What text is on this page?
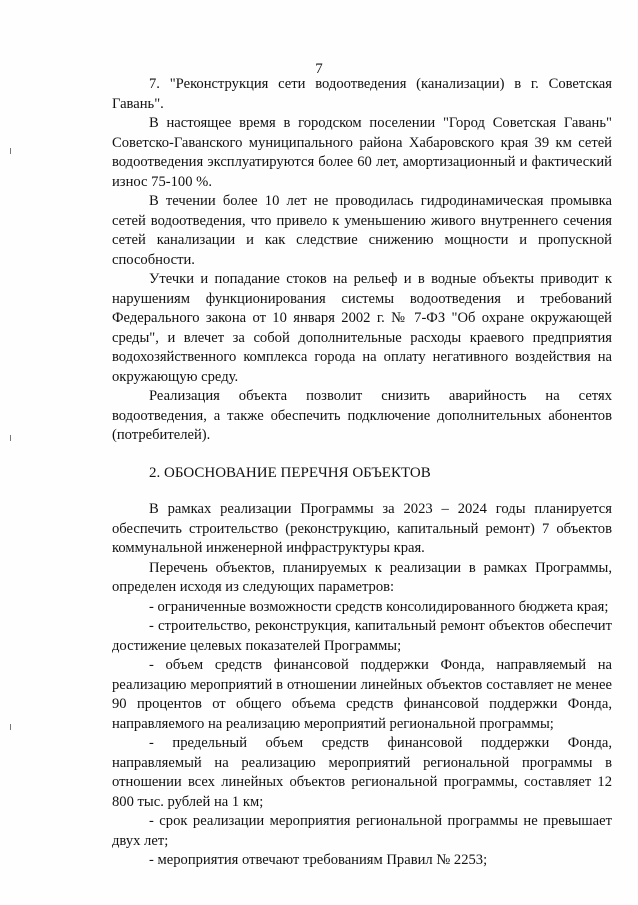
7

7. "Реконструкция сети водоотведения (канализации) в г. Советская Гавань".

В настоящее время в городском поселении "Город Советская Гавань" Советско-Гаванского муниципального района Хабаровского края 39 км сетей водоотведения эксплуатируются более 60 лет, амортизационный и фактический износ 75-100 %.

В течении более 10 лет не проводилась гидродинамическая промывка сетей водоотведения, что привело к уменьшению живого внутреннего сечения сетей канализации и как следствие снижению мощности и пропускной способности.

Утечки и попадание стоков на рельеф и в водные объекты приводит к нарушениям функционирования системы водоотведения и требований Федерального закона от 10 января 2002 г. № 7-ФЗ "Об охране окружающей среды", и влечет за собой дополнительные расходы краевого предприятия водохозяйственного комплекса города на оплату негативного воздействия на окружающую среду.

Реализация объекта позволит снизить аварийность на сетях водоотведения, а также обеспечить подключение дополнительных абонентов (потребителей).

2. ОБОСНОВАНИЕ ПЕРЕЧНЯ ОБЪЕКТОВ

В рамках реализации Программы за 2023 – 2024 годы планируется обеспечить строительство (реконструкцию, капитальный ремонт) 7 объектов коммунальной инженерной инфраструктуры края.

Перечень объектов, планируемых к реализации в рамках Программы, определен исходя из следующих параметров:

- ограниченные возможности средств консолидированного бюджета края;

- строительство, реконструкция, капитальный ремонт объектов обеспечит достижение целевых показателей Программы;

- объем средств финансовой поддержки Фонда, направляемый на реализацию мероприятий в отношении линейных объектов составляет не менее 90 процентов от общего объема средств финансовой поддержки Фонда, направляемого на реализацию мероприятий региональной программы;

- предельный объем средств финансовой поддержки Фонда, направляемый на реализацию мероприятий региональной программы в отношении всех линейных объектов региональной программы, составляет 12 800 тыс. рублей на 1 км;

- срок реализации мероприятия региональной программы не превышает двух лет;

- мероприятия отвечают требованиям Правил № 2253;
